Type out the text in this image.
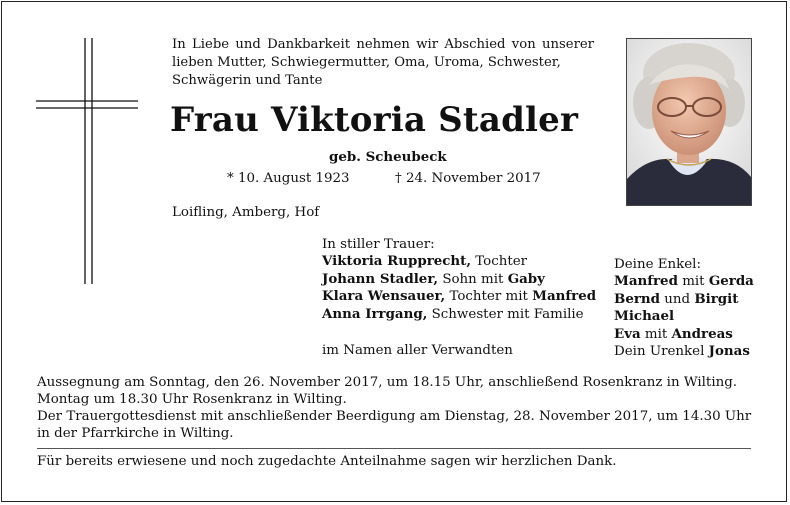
In Liebe und Dankbarkeit nehmen wir Abschied von unserer lieben Mutter, Schwiegermutter, Oma, Uroma, Schwester,
Schwägerin und Tante
Frau Viktoria Stadler
geb. Scheubeck
* 10. August 1923	† 24. November 2017
Loifling, Amberg, Hof
In stiller Trauer:
Viktoria Rupprecht, Tochter
Johann Stadler, Sohn mit Gaby
Klara Wensauer, Tochter mit Manfred
Anna Irrgang, Schwester mit Familie
Deine Enkel:
Manfred mit Gerda
Bernd und Birgit
Michael
Eva mit Andreas
im Namen aller Verwandten	Dein Urenkel Jonas
Aussegnung am Sonntag, den 26. November 2017, um 18.15 Uhr, anschließend Rosenkranz in Wilting.
Montag um 18.30 Uhr Rosenkranz in Wilting.
Der Trauergottesdienst mit anschließender Beerdigung am Dienstag, 28. November 2017, um 14.30 Uhr in der Pfarrkirche in Wilting.
Für bereits erwiesene und noch zugedachte Anteilnahme sagen wir herzlichen Dank.
